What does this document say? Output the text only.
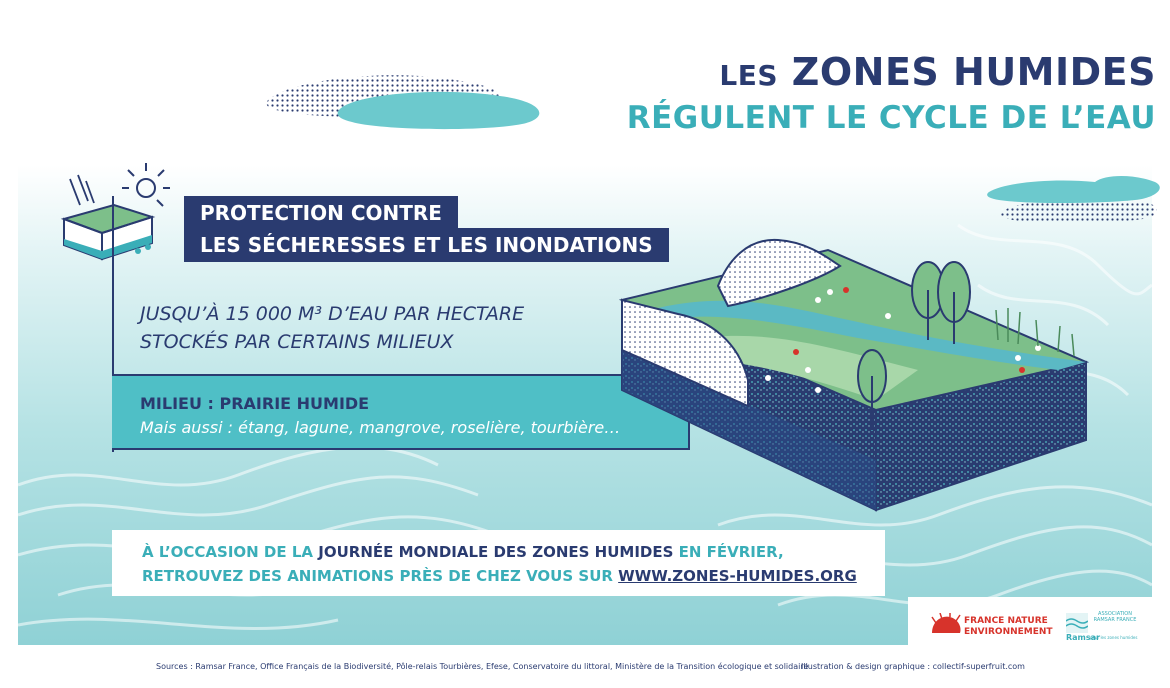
LES ZONES HUMIDES
RÉGULENT LE CYCLE DE L’EAU
PROTECTION CONTRE
LES SÉCHERESSES ET LES INONDATIONS
JUSQU’À 15 000 M³ D’EAU PAR HECTARE
STOCKÉS PAR CERTAINS MILIEUX
MILIEU : PRAIRIE HUMIDE
Mais aussi : étang, lagune, mangrove, roselière, tourbière…
À L’OCCASION DE LA JOURNÉE MONDIALE DES ZONES HUMIDES EN FÉVRIER,
RETROUVEZ DES ANIMATIONS PRÈS DE CHEZ VOUS SUR WWW.ZONES-HUMIDES.ORG
FRANCE NATURE
ENVIRONNEMENT
ASSOCIATION RAMSAR FRANCE
Ramsar
pour les zones humides
Sources : Ramsar France, Office Français de la Biodiversité, Pôle-relais Tourbières, Efese, Conservatoire du littoral, Ministère de la Transition écologique et solidaire
Illustration & design graphique : collectif-superfruit.com
